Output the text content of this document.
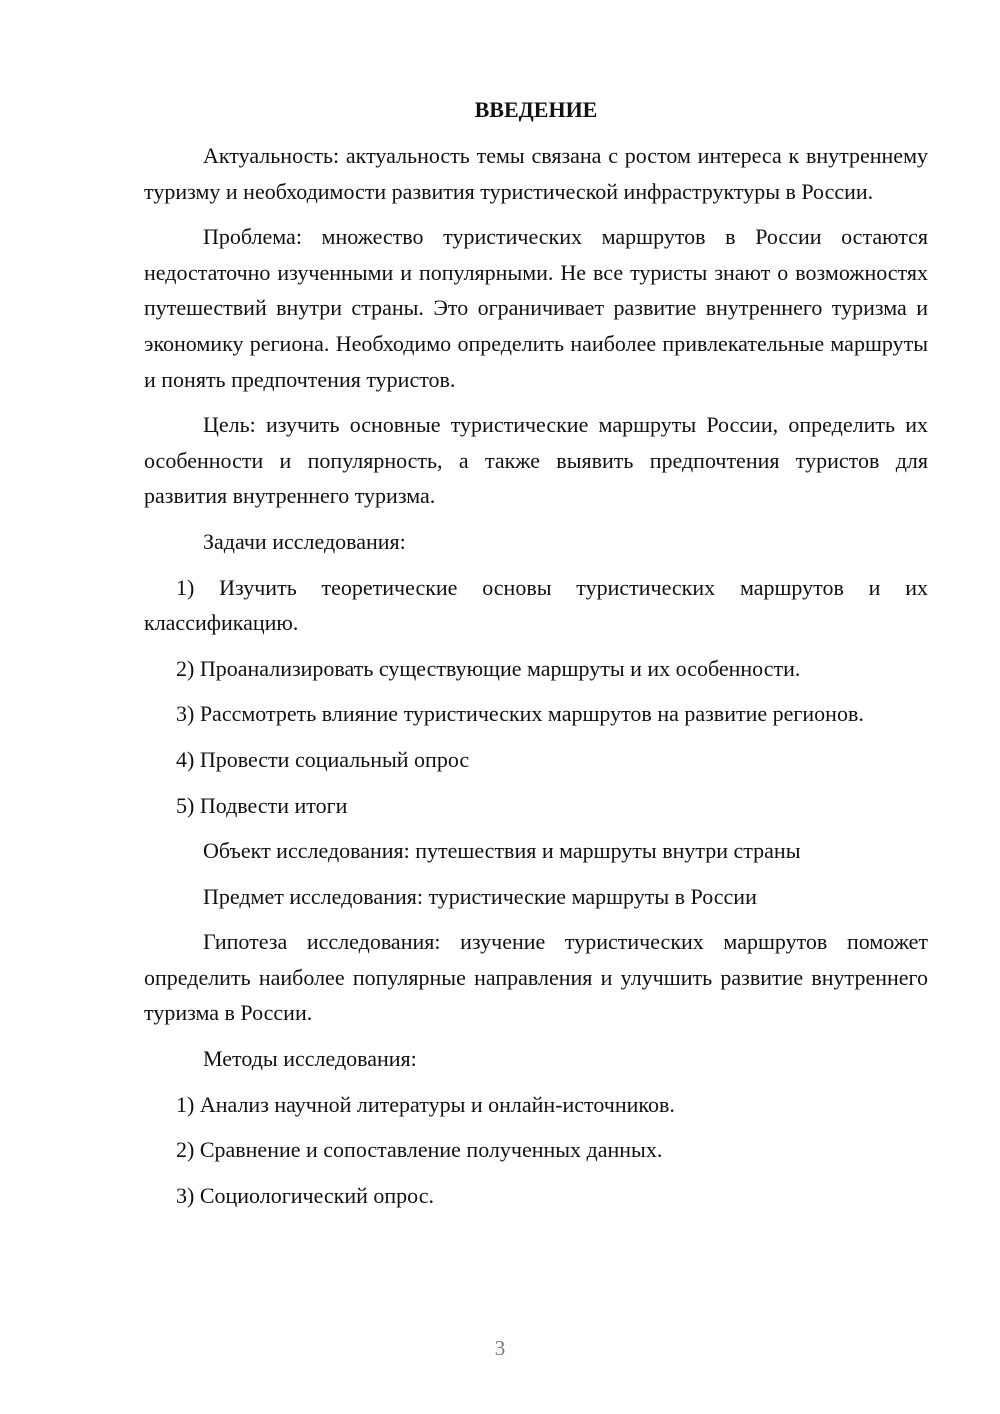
ВВЕДЕНИЕ

Актуальность: актуальность темы связана с ростом интереса к внутреннему туризму и необходимости развития туристической инфраструктуры в России.

Проблема: множество туристических маршрутов в России остаются недостаточно изученными и популярными. Не все туристы знают о возможностях путешествий внутри страны. Это ограничивает развитие внутреннего туризма и экономику региона. Необходимо определить наиболее привлекательные маршруты и понять предпочтения туристов.

Цель: изучить основные туристические маршруты России, определить их особенности и популярность, а также выявить предпочтения туристов для развития внутреннего туризма.

Задачи исследования:

1) Изучить теоретические основы туристических маршрутов и их классификацию.

2) Проанализировать существующие маршруты и их особенности.

3) Рассмотреть влияние туристических маршрутов на развитие регионов.

4) Провести социальный опрос

5) Подвести итоги

Объект исследования: путешествия и маршруты внутри страны

Предмет исследования: туристические маршруты в России

Гипотеза исследования: изучение туристических маршрутов поможет определить наиболее популярные направления и улучшить развитие внутреннего туризма в России.

Методы исследования:

1) Анализ научной литературы и онлайн-источников.

2) Сравнение и сопоставление полученных данных.

3) Социологический опрос.

3
